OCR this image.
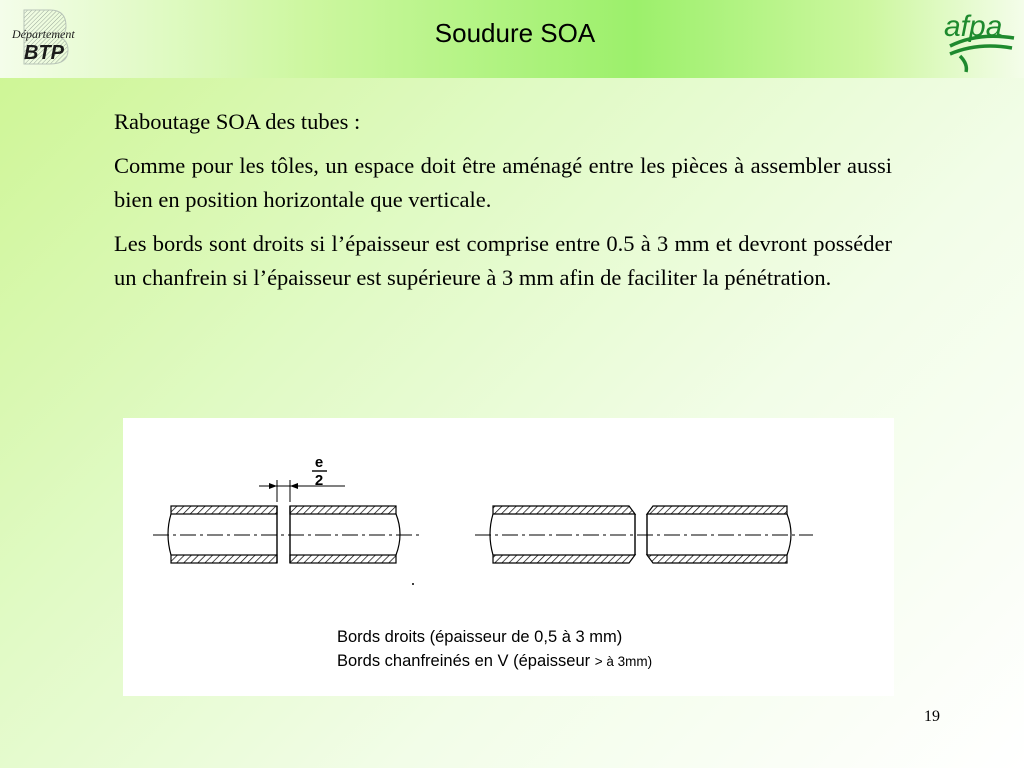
Département
BTP
Soudure SOA	afpa

Raboutage SOA des tubes :

Comme pour les tôles, un espace doit être aménagé entre les pièces à assembler aussi bien en position horizontale que verticale.

Les bords sont droits si l’épaisseur est comprise entre 0.5 à 3 mm et devront posséder un chanfrein si l’épaisseur est supérieure à 3 mm afin de faciliter la pénétration.

e
2
Bords droits (épaisseur de 0,5 à 3 mm)
Bords chanfreinés en V (épaisseur > à 3mm)
19
